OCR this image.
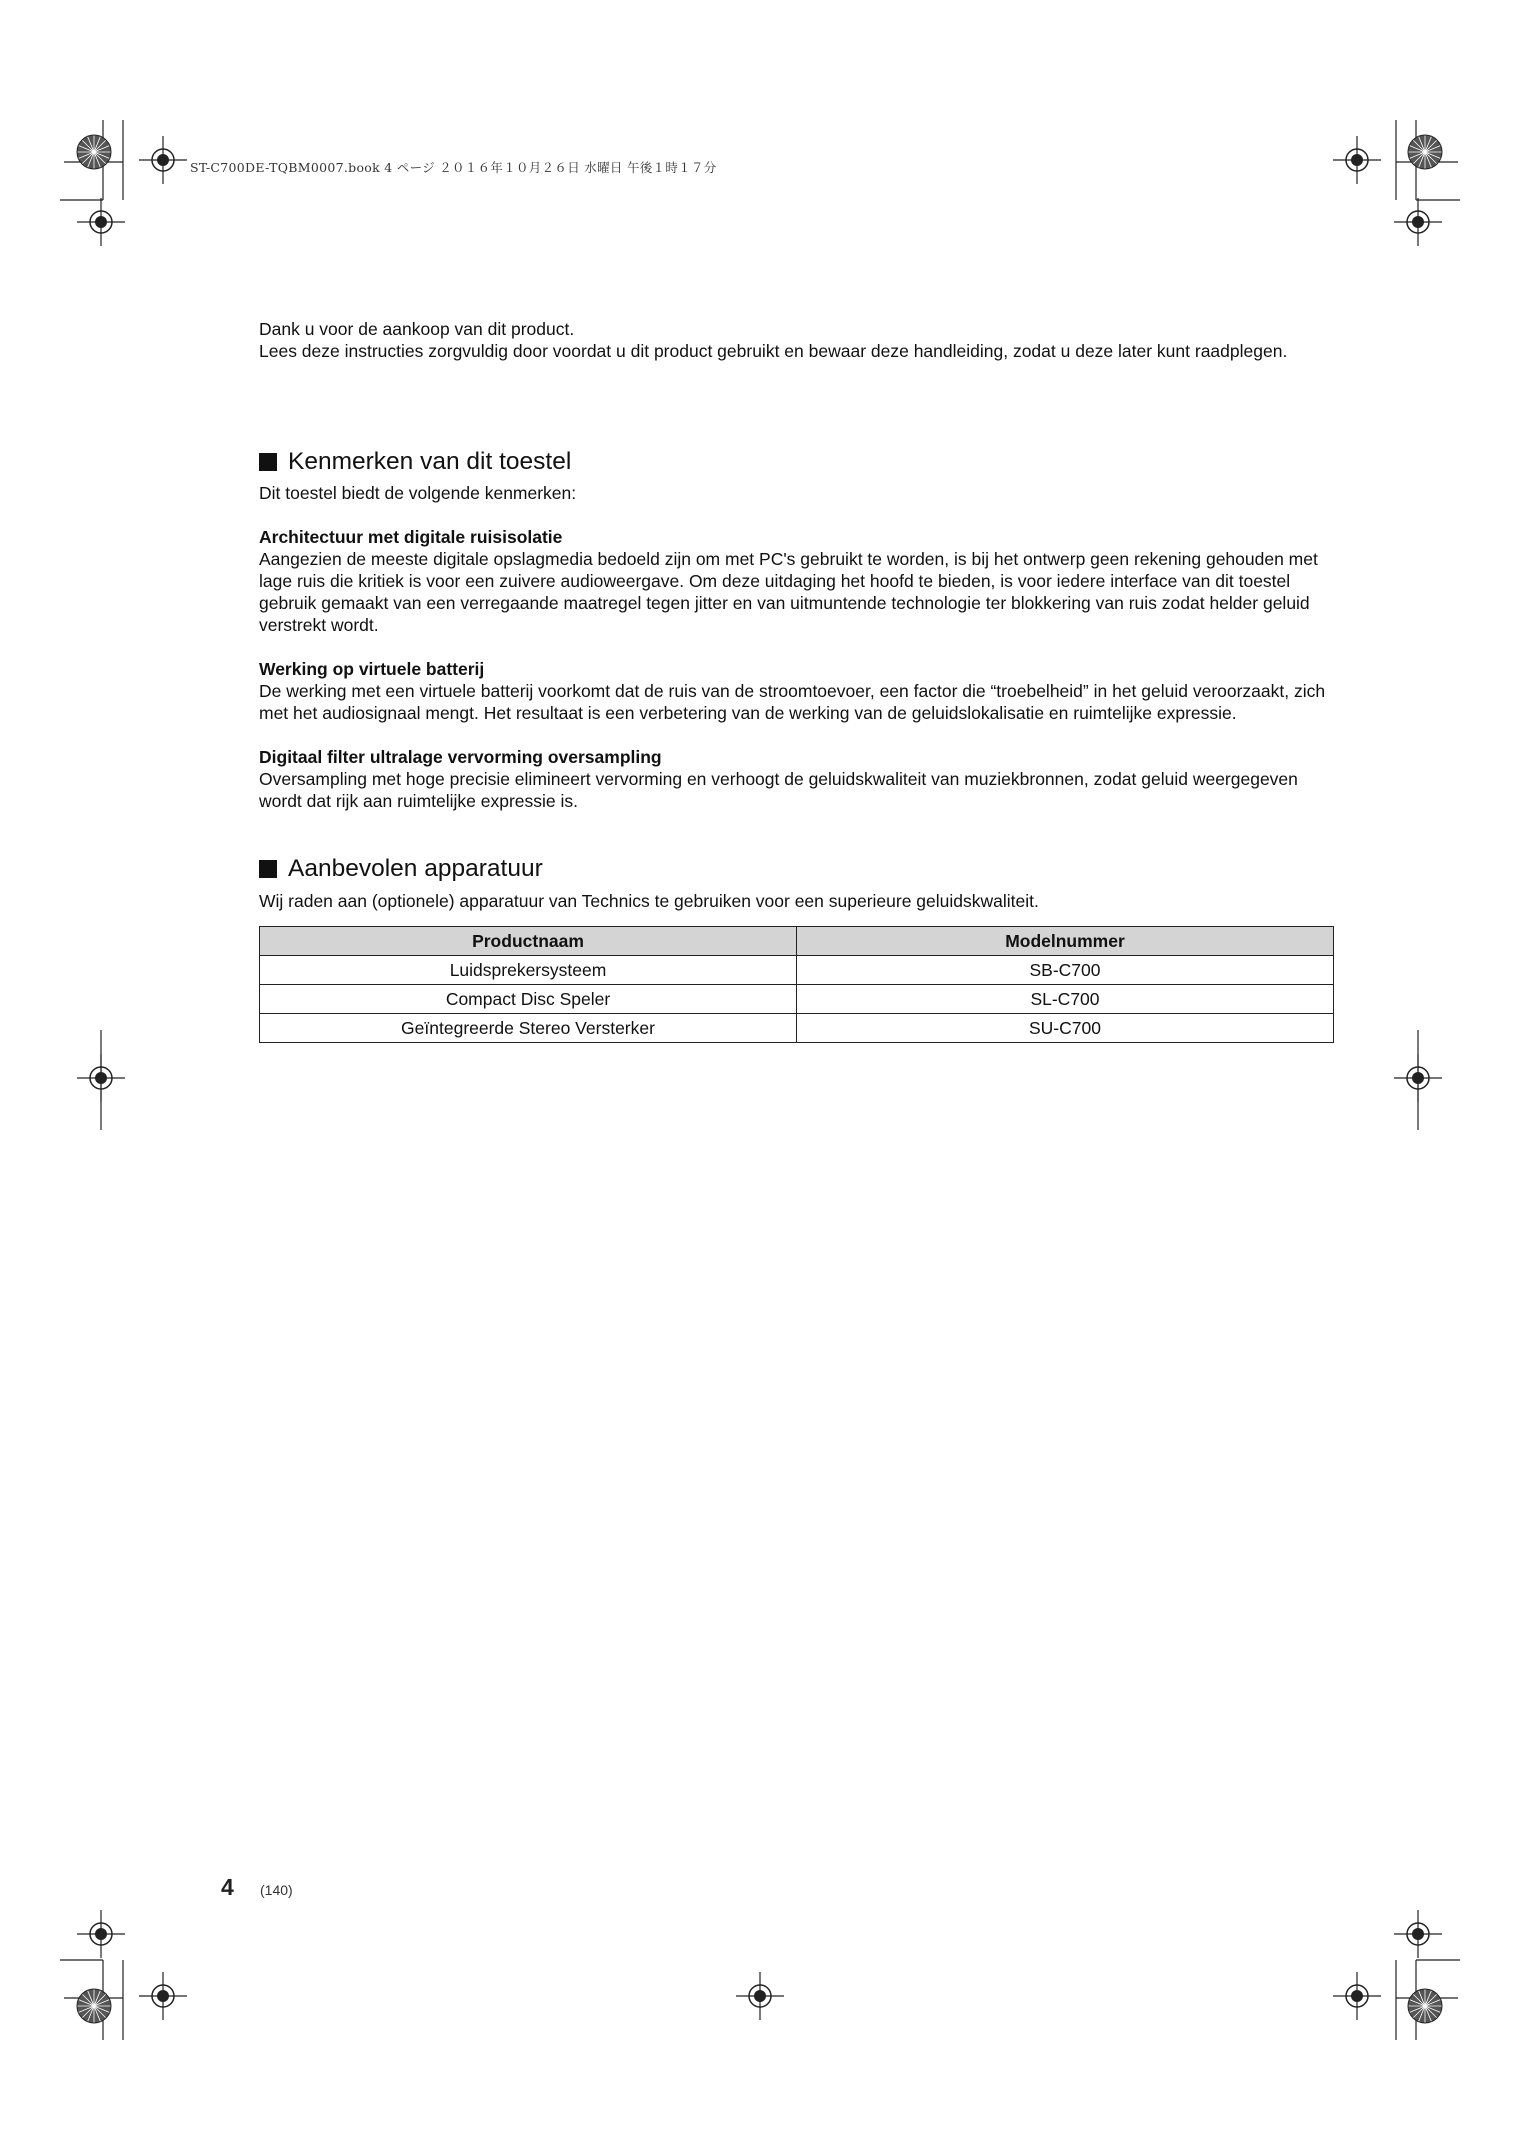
ST-C700DE-TQBM0007.book 4 ページ ２０１６年１０月２６日 水曜日 午後１時１７分

Dank u voor de aankoop van dit product.

Lees deze instructies zorgvuldig door voordat u dit product gebruikt en bewaar deze handleiding, zodat u deze later kunt raadplegen.

Kenmerken van dit toestel

Dit toestel biedt de volgende kenmerken:

Architectuur met digitale ruisisolatie

Aangezien de meeste digitale opslagmedia bedoeld zijn om met PC's gebruikt te worden, is bij het ontwerp geen rekening gehouden met lage ruis die kritiek is voor een zuivere audioweergave. Om deze uitdaging het hoofd te bieden, is voor iedere interface van dit toestel gebruik gemaakt van een verregaande maatregel tegen jitter en van uitmuntende technologie ter blokkering van ruis zodat helder geluid verstrekt wordt.

Werking op virtuele batterij

De werking met een virtuele batterij voorkomt dat de ruis van de stroomtoevoer, een factor die “troebelheid” in het geluid veroorzaakt, zich met het audiosignaal mengt. Het resultaat is een verbetering van de werking van de geluidslokalisatie en ruimtelijke expressie.

Digitaal filter ultralage vervorming oversampling

Oversampling met hoge precisie elimineert vervorming en verhoogt de geluidskwaliteit van muziekbronnen, zodat geluid weergegeven wordt dat rijk aan ruimtelijke expressie is.

Aanbevolen apparatuur

Wij raden aan (optionele) apparatuur van Technics te gebruiken voor een superieure geluidskwaliteit.

Productnaam	Modelnummer
Luidsprekersysteem	SB-C700
Compact Disc Speler	SL-C700
Geïntegreerde Stereo Versterker	SU-C700
4 (140)
